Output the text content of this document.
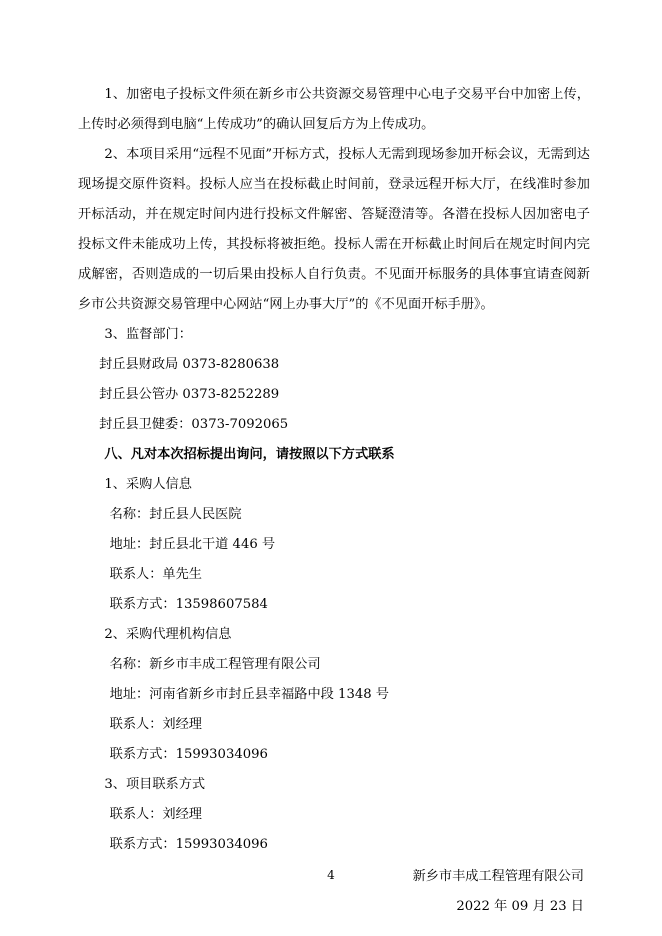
1、加密电子投标文件须在新乡市公共资源交易管理中心电子交易平台中加密上传，上传时必须得到电脑“上传成功”的确认回复后方为上传成功。

2、本项目采用“远程不见面”开标方式，投标人无需到现场参加开标会议，无需到达现场提交原件资料。投标人应当在投标截止时间前，登录远程开标大厅，在线准时参加开标活动，并在规定时间内进行投标文件解密、答疑澄清等。各潜在投标人因加密电子投标文件未能成功上传，其投标将被拒绝。投标人需在开标截止时间后在规定时间内完成解密，否则造成的一切后果由投标人自行负责。不见面开标服务的具体事宜请查阅新乡市公共资源交易管理中心网站“网上办事大厅”的《不见面开标手册》。

3、监督部门：

封丘县财政局 0373-8280638

封丘县公管办 0373-8252289

封丘县卫健委：0373-7092065

八、凡对本次招标提出询问，请按照以下方式联系

1、采购人信息

名称：封丘县人民医院

地址：封丘县北干道 446 号

联系人：单先生

联系方式：13598607584

2、采购代理机构信息

名称：新乡市丰成工程管理有限公司

地址：河南省新乡市封丘县幸福路中段 1348 号

联系人：刘经理

联系方式：15993034096

3、项目联系方式

联系人：刘经理

联系方式：15993034096

新乡市丰成工程管理有限公司

2022 年 09 月 23 日

4
